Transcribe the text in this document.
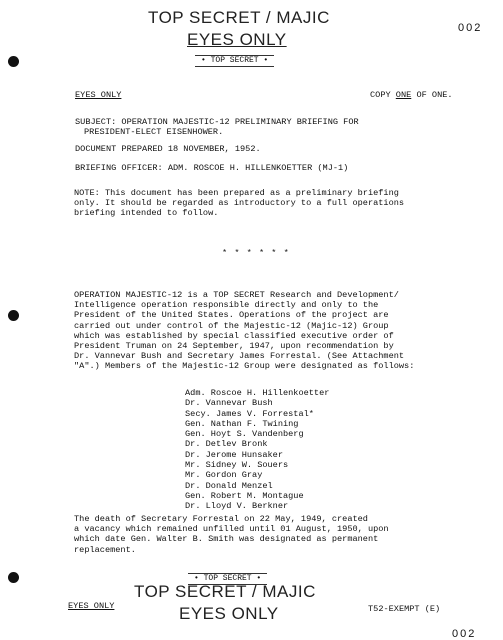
TOP SECRET / MAJIC
EYES ONLY
• TOP SECRET •
002
EYES ONLY	COPY ONE OF ONE.
SUBJECT: OPERATION MAJESTIC-12 PRELIMINARY BRIEFING FOR
PRESIDENT-ELECT EISENHOWER.
DOCUMENT PREPARED 18 NOVEMBER, 1952.
BRIEFING OFFICER: ADM. ROSCOE H. HILLENKOETTER (MJ-1)
NOTE: This document has been prepared as a preliminary briefing
only. It should be regarded as introductory to a full operations
briefing intended to follow.
* * * * * *
OPERATION MAJESTIC-12 is a TOP SECRET Research and Development/
Intelligence operation responsible directly and only to the
President of the United States. Operations of the project are
carried out under control of the Majestic-12 (Majic-12) Group
which was established by special classified executive order of
President Truman on 24 September, 1947, upon recommendation by
Dr. Vannevar Bush and Secretary James Forrestal. (See Attachment
"A".) Members of the Majestic-12 Group were designated as follows:
Adm. Roscoe H. Hillenkoetter
Dr. Vannevar Bush
Secy. James V. Forrestal*
Gen. Nathan F. Twining
Gen. Hoyt S. Vandenberg
Dr. Detlev Bronk
Dr. Jerome Hunsaker
Mr. Sidney W. Souers
Mr. Gordon Gray
Dr. Donald Menzel
Gen. Robert M. Montague
Dr. Lloyd V. Berkner
The death of Secretary Forrestal on 22 May, 1949, created
a vacancy which remained unfilled until 01 August, 1950, upon
which date Gen. Walter B. Smith was designated as permanent
replacement.
• TOP SECRET •
TOP SECRET / MAJIC
EYES ONLY
EYES ONLY	T52-EXEMPT (E)
002
